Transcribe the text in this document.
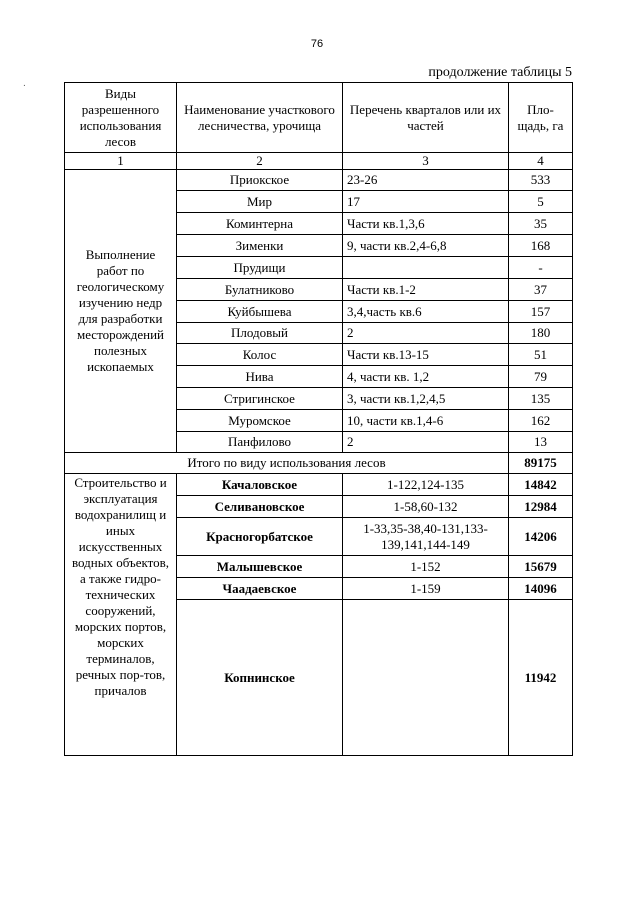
76
.
продолжение таблицы 5
Виды разрешенного использования лесов	Наименование участкового лесничества, урочища	Перечень кварталов или их частей	Пло-щадь, га
1	2	3	4
Выполнение работ по геологическому изучению недр для разработки месторождений полезных ископаемых	Приокское	23-26	533
	Мир	17	5
	Коминтерна	Части кв.1,3,6	35
	Зименки	9, части кв.2,4-6,8	168
	Прудищи		-
	Булатниково	Части кв.1-2	37
	Куйбышева	3,4,часть кв.6	157
	Плодовый	2	180
	Колос	Части кв.13-15	51
	Нива	4, части кв. 1,2	79
	Стригинское	3, части кв.1,2,4,5	135
	Муромское	10, части кв.1,4-6	162
	Панфилово	2	13
Итого по виду использования лесов			89175
Строительство и эксплуатация водохранилищ и иных искусственных водных объектов, а также гидро-технических сооружений, морских портов, морских терминалов, речных пор-тов, причалов	Качаловское	1-122,124-135	14842
	Селивановское	1-58,60-132	12984
	Красногорбатское	1-33,35-38,40-131,133-139,141,144-149	14206
	Малышевское	1-152	15679
	Чаадаевское	1-159	14096
	Копнинское		11942
